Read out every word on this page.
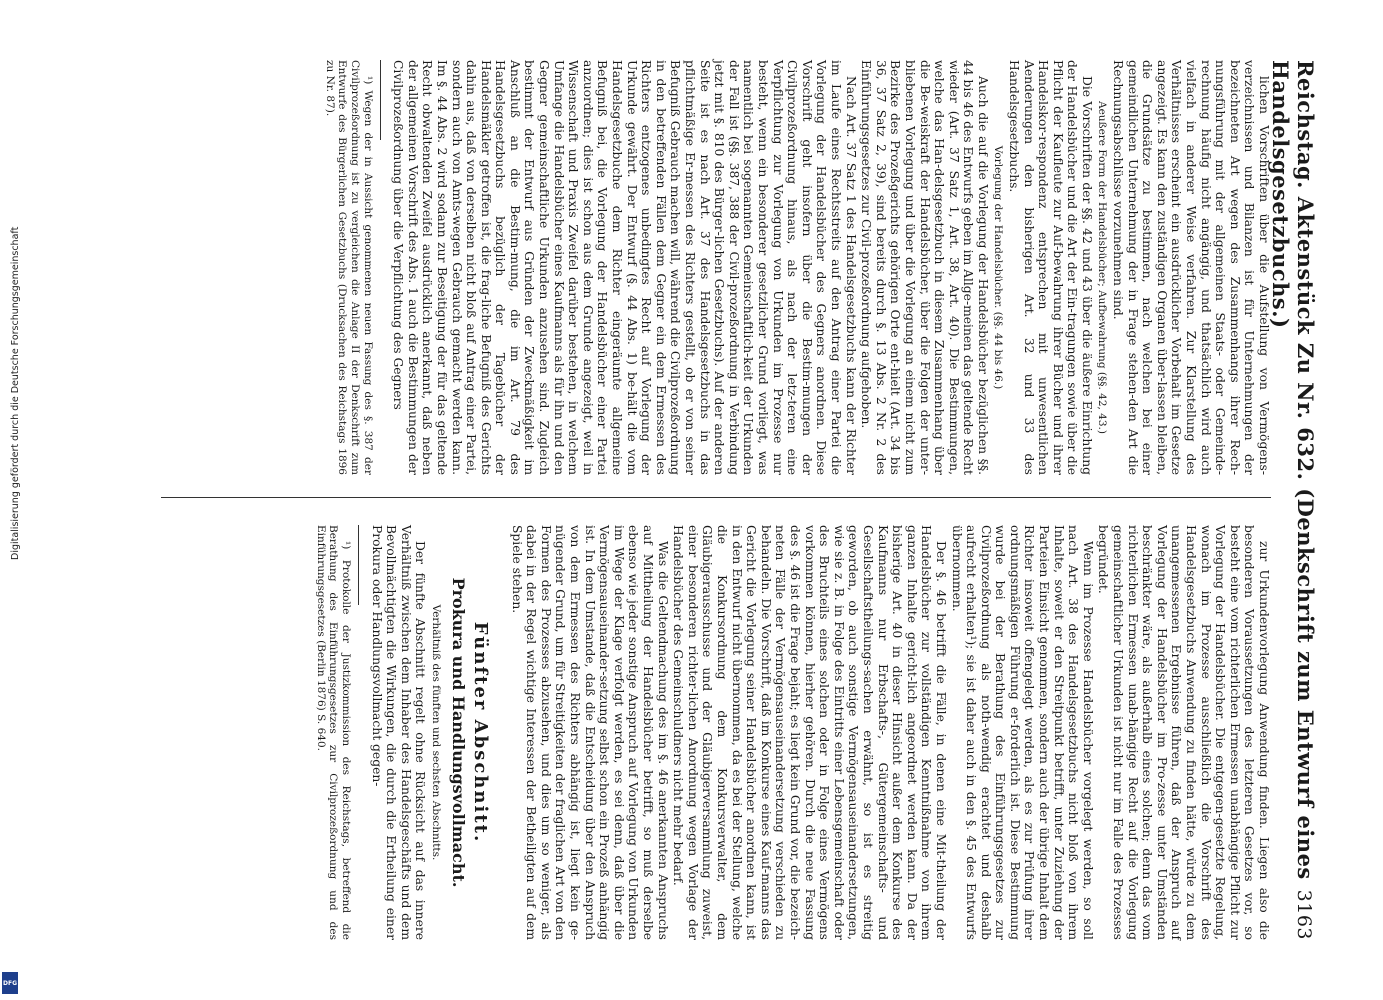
Reichstag. Aktenstück Zu Nr. 632. (Denkschrift zum Entwurf eines Handelsgesetzbuchs.)
3163

lichen Vorschriften über die Aufstellung von Vermögens-verzeichnissen und Bilanzen ist für Unternehmungen der bezeichneten Art wegen des Zusammenhangs ihrer Rech-nungsführung mit der allgemeinen Staats- oder Gemeinde-rechnung häufig nicht angängig, und thatsächlich wird auch vielfach in anderer Weise verfahren. Zur Klarstellung des Verhältnisses erscheint ein ausdrücklicher Vorbehalt im Gesetze angezeigt. Es kann den zuständigen Organen über-lassen bleiben, die Grundsätze zu bestimmen, nach welchen bei einer gemeindlichen Unternehmung der in Frage stehen-den Art die Rechnungsabschlüsse vorzunehmen sind.

Aeußere Form der Handelsbücher; Aufbewahrung (§§. 42, 43.)

Die Vorschriften der §§. 42 und 43 über die äußere Einrichtung der Handelsbücher und die Art der Ein-tragungen sowie über die Pflicht der Kaufleute zur Auf-bewahrung ihrer Bücher und ihrer Handelskor-respondenz entsprechen mit unwesentlichen Aenderungen den bisherigen Art. 32 und 33 des Handelsgesetzbuchs.

Vorlegung der Handelsbücher. (§§. 44 bis 46.)

Auch die auf die Vorlegung der Handelsbücher bezüglichen §§. 44 bis 46 des Entwurfs geben im Allge-meinen das geltende Recht wieder (Art. 37 Satz 1, Art. 38, Art. 40). Die Bestimmungen, welche das Han-delsgesetzbuch in diesem Zusammenhang über die Be-weiskraft der Handelsbücher, über die Folgen der unter-bliebenen Vorlegung und über die Vorlegung an einem nicht zum Bezirke des Prozeßgerichts gehörigen Orte ent-hielt (Art. 34 bis 36, 37 Satz 2, 39), sind bereits durch §. 13 Abs. 2 Nr. 2 des Einführungsgesetzes zur Civil-prozeßordnung aufgehoben.

Nach Art. 37 Satz 1 des Handelsgesetzbuchs kann der Richter im Laufe eines Rechtsstreits auf den Antrag einer Partei die Vorlegung der Handelsbücher des Gegners anordnen. Diese Vorschrift geht insofern über die Bestim-mungen der Civilprozeßordnung hinaus, als nach der letz-teren eine Verpflichtung zur Vorlegung von Urkunden im Prozesse nur besteht, wenn ein besonderer gesetzlicher Grund vorliegt, was namentlich bei sogenannten Gemeinschaftlich-keit der Urkunden der Fall ist (§§. 387, 388 der Civil-prozeßordnung in Verbindung jetzt mit §. 810 des Bürger-lichen Gesetzbuchs). Auf der anderen Seite ist es nach Art. 37 des Handelsgesetzbuchs in das pflichtmäßige Er-messen des Richters gestellt, ob er von seiner Befugniß Gebrauch machen will, während die Civilprozeßordnung in den betreffenden Fällen dem Gegner ein dem Ermessen des Richters entzogenes unbedingtes Recht auf Vorlegung der Urkunde gewährt. Der Entwurf (§. 44 Abs. 1) be-hält die vom Handelsgesetzbuche dem Richter eingeräumte allgemeine Befugniß bei, die Vorlegung der Handelsbücher einer Partei anzuordnen; dies ist schon aus dem Grunde angezeigt, weil in Wissenschaft und Praxis Zweifel darüber bestehen, in welchem Umfange die Handelsbücher eines Kaufmanns als für ihn und den Gegner gemeinschaftliche Urkunden anzusehen sind. Zugleich bestimmt der Entwurf aus Gründen der Zweckmäßigkeit im Anschluß an die Bestim-mung, die im Art. 79 des Handelsgesetzbuchs bezüglich der Tagebücher der Handelsmäkler getroffen ist, die frag-liche Befugniß des Gerichts dahin aus, daß von derselben nicht bloß auf Antrag einer Partei, sondern auch von Amts-wegen Gebrauch gemacht werden kann. Im §. 44 Abs. 2 wird sodann zur Beseitigung der für das geltende Recht obwaltenden Zweifel ausdrücklich anerkannt, daß neben der allgemeinen Vorschrift des Abs. 1 auch die Bestimmungen der Civilprozeßordnung über die Verpflichtung des Gegners

¹) Wegen der in Aussicht genommenen neuen Fassung des §. 387 der Civilprozeßordnung ist zu vergleichen die Anlage II der Denkschrift zum Entwurfe des Bürgerlichen Gesetzbuchs (Drucksachen des Reichstags 1896 zu Nr. 87).

zur Urkundenvorlegung Anwendung finden. Liegen also die besonderen Voraussetzungen des letzteren Gesetzes vor, so besteht eine vom richterlichen Ermessen unabhängige Pflicht zur Vorlegung der Handelsbücher. Die entgegen-gesetzte Regelung, wonach im Prozesse ausschließlich die Vorschrift des Handelsgesetzbuchs Anwendung zu finden hätte, würde zu dem unangemessenen Ergebnisse führen, daß der Anspruch auf Vorlegung der Handelsbücher im Pro-zesse unter Umständen beschränkter wäre, als außerhalb eines solchen; denn das vom richterlichen Ermessen unab-hängige Recht auf die Vorlegung gemeinschaftlicher Urkunden ist nicht nur im Falle des Prozesses begründet.

Wenn im Prozesse Handelsbücher vorgelegt werden, so soll nach Art. 38 des Handelsgesetzbuchs nicht bloß von ihrem Inhalte, soweit er den Streitpunkt betrifft, unter Zuziehung der Parteien Einsicht genommen, sondern auch der übrige Inhalt dem Richter insoweit offengelegt werden, als es zur Prüfung ihrer ordnungsmäßigen Führung er-forderlich ist. Diese Bestimmung wurde bei der Berathung des Einführungsgesetzes zur Civilprozeßordnung als noth-wendig erachtet und deshalb aufrecht erhalten¹); sie ist daher auch in den §. 45 des Entwurfs übernommen.

Der §. 46 betrifft die Fälle, in denen eine Mit-theilung der Handelsbücher zur vollständigen Kenntnißnahme von ihrem ganzen Inhalte gericht-lich angeordnet werden kann. Da der bisherige Art. 40 in dieser Hinsicht außer dem Konkurse des Kaufmanns nur Erbschafts-, Gütergemeinschafts- und Gesellschaftstheilungs-sachen erwähnt, so ist es streitig geworden, ob auch sonstige Vermögensauseinandersetzungen, wie sie z. B. in Folge des Eintritts einer Lebensgemeinschaft oder des Bruchteils eines solchen oder in Folge eines Vermögens vorkommen können, hierher gehören. Durch die neue Fassung des §. 46 ist die Frage bejaht; es liegt kein Grund vor, die bezeich-neten Fälle der Vermögensauseinandersetzung verschieden zu behandeln. Die Vorschrift, daß im Konkurse eines Kauf-manns das Gericht die Vorlegung seiner Handelsbücher anordnen kann, ist in den Entwurf nicht übernommen, da es bei der Stellung, welche die Konkursordnung dem Konkursverwalter, dem Gläubigerausschusse und der Gläubigerversammlung zuweist, einer besonderen richter-lichen Anordnung wegen Vorlage der Handelsbücher des Gemeinschuldners nicht mehr bedarf.

Was die Geltendmachung des im §. 46 anerkannten Anspruchs auf Mittheilung der Handelsbücher betrifft, so muß derselbe ebenso wie jeder sonstige Anspruch auf Vorlegung von Urkunden im Wege der Klage verfolgt werden, es sei denn, daß über die Vermögensauseinander-setzung selbst schon ein Prozeß anhängig ist. In dem Umstande, daß die Entscheidung über den Anspruch von dem Ermessen des Richters abhängig ist, liegt kein ge-nügender Grund, um für Streitigkeiten der fraglichen Art von den Formen des Prozesses abzusehen, und dies um so weniger, als dabei in der Regel wichtige Interessen der Betheiligten auf dem Spiele stehen.

Fünfter Abschnitt.
Prokura und Handlungsvollmacht.

Verhältniß des fünften und sechsten Abschnitts.

Der fünfte Abschnitt regelt ohne Rücksicht auf das innere Verhältniß zwischen dem Inhaber des Handelsgeschäfts und dem Bevollmächtigten die Wirkungen, die durch die Ertheilung einer Prokura oder Handlungsvollmacht gegen-

¹) Protokolle der Justizkommission des Reichstags, betreffend die Berathung des Einführungsgesetzes zur Civilprozeßordnung und des Einführungsgesetzes (Berlin 1876) S. 640.

Digitalisierung gefördert durch die Deutsche Forschungsgemeinschaft
DFG
